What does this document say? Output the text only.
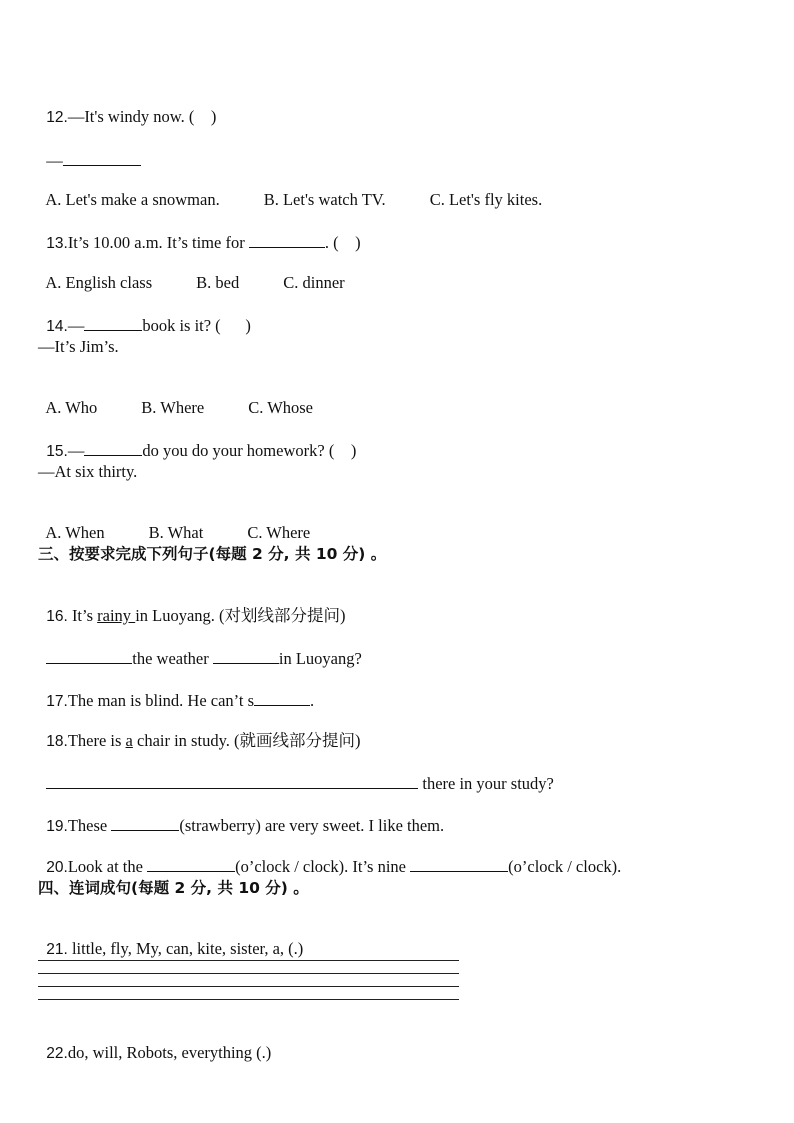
12.—It's windy now. (    )

—

A. Let's make a snowman.	B. Let's watch TV.	C. Let's fly kites.

13.It’s 10.00 a.m. It’s time for	. (    )

A. English class	B. bed	C. dinner

14.—	book is it? (      )

—It’s Jim’s.

A. Who	B. Where	C. Whose

15.—	do you do your homework? (    )

—At six thirty.

A. When	B. What	C. Where

三、按要求完成下列句子(每题 2 分, 共 10 分) 。

16. It’s rainy in Luoyang. (对划线部分提问)

the weather	in Luoyang?

17.The man is blind. He can’t s	.

18.There is a chair in study. (就画线部分提问)

there in your study?

19.These	(strawberry) are very sweet. I like them.

20.Look at the	(o’clock / clock). It’s nine	(o’clock / clock).

四、连词成句(每题 2 分, 共 10 分) 。

21. little, fly, My, can, kite, sister, a, (.)

22.do, will, Robots, everything (.)
